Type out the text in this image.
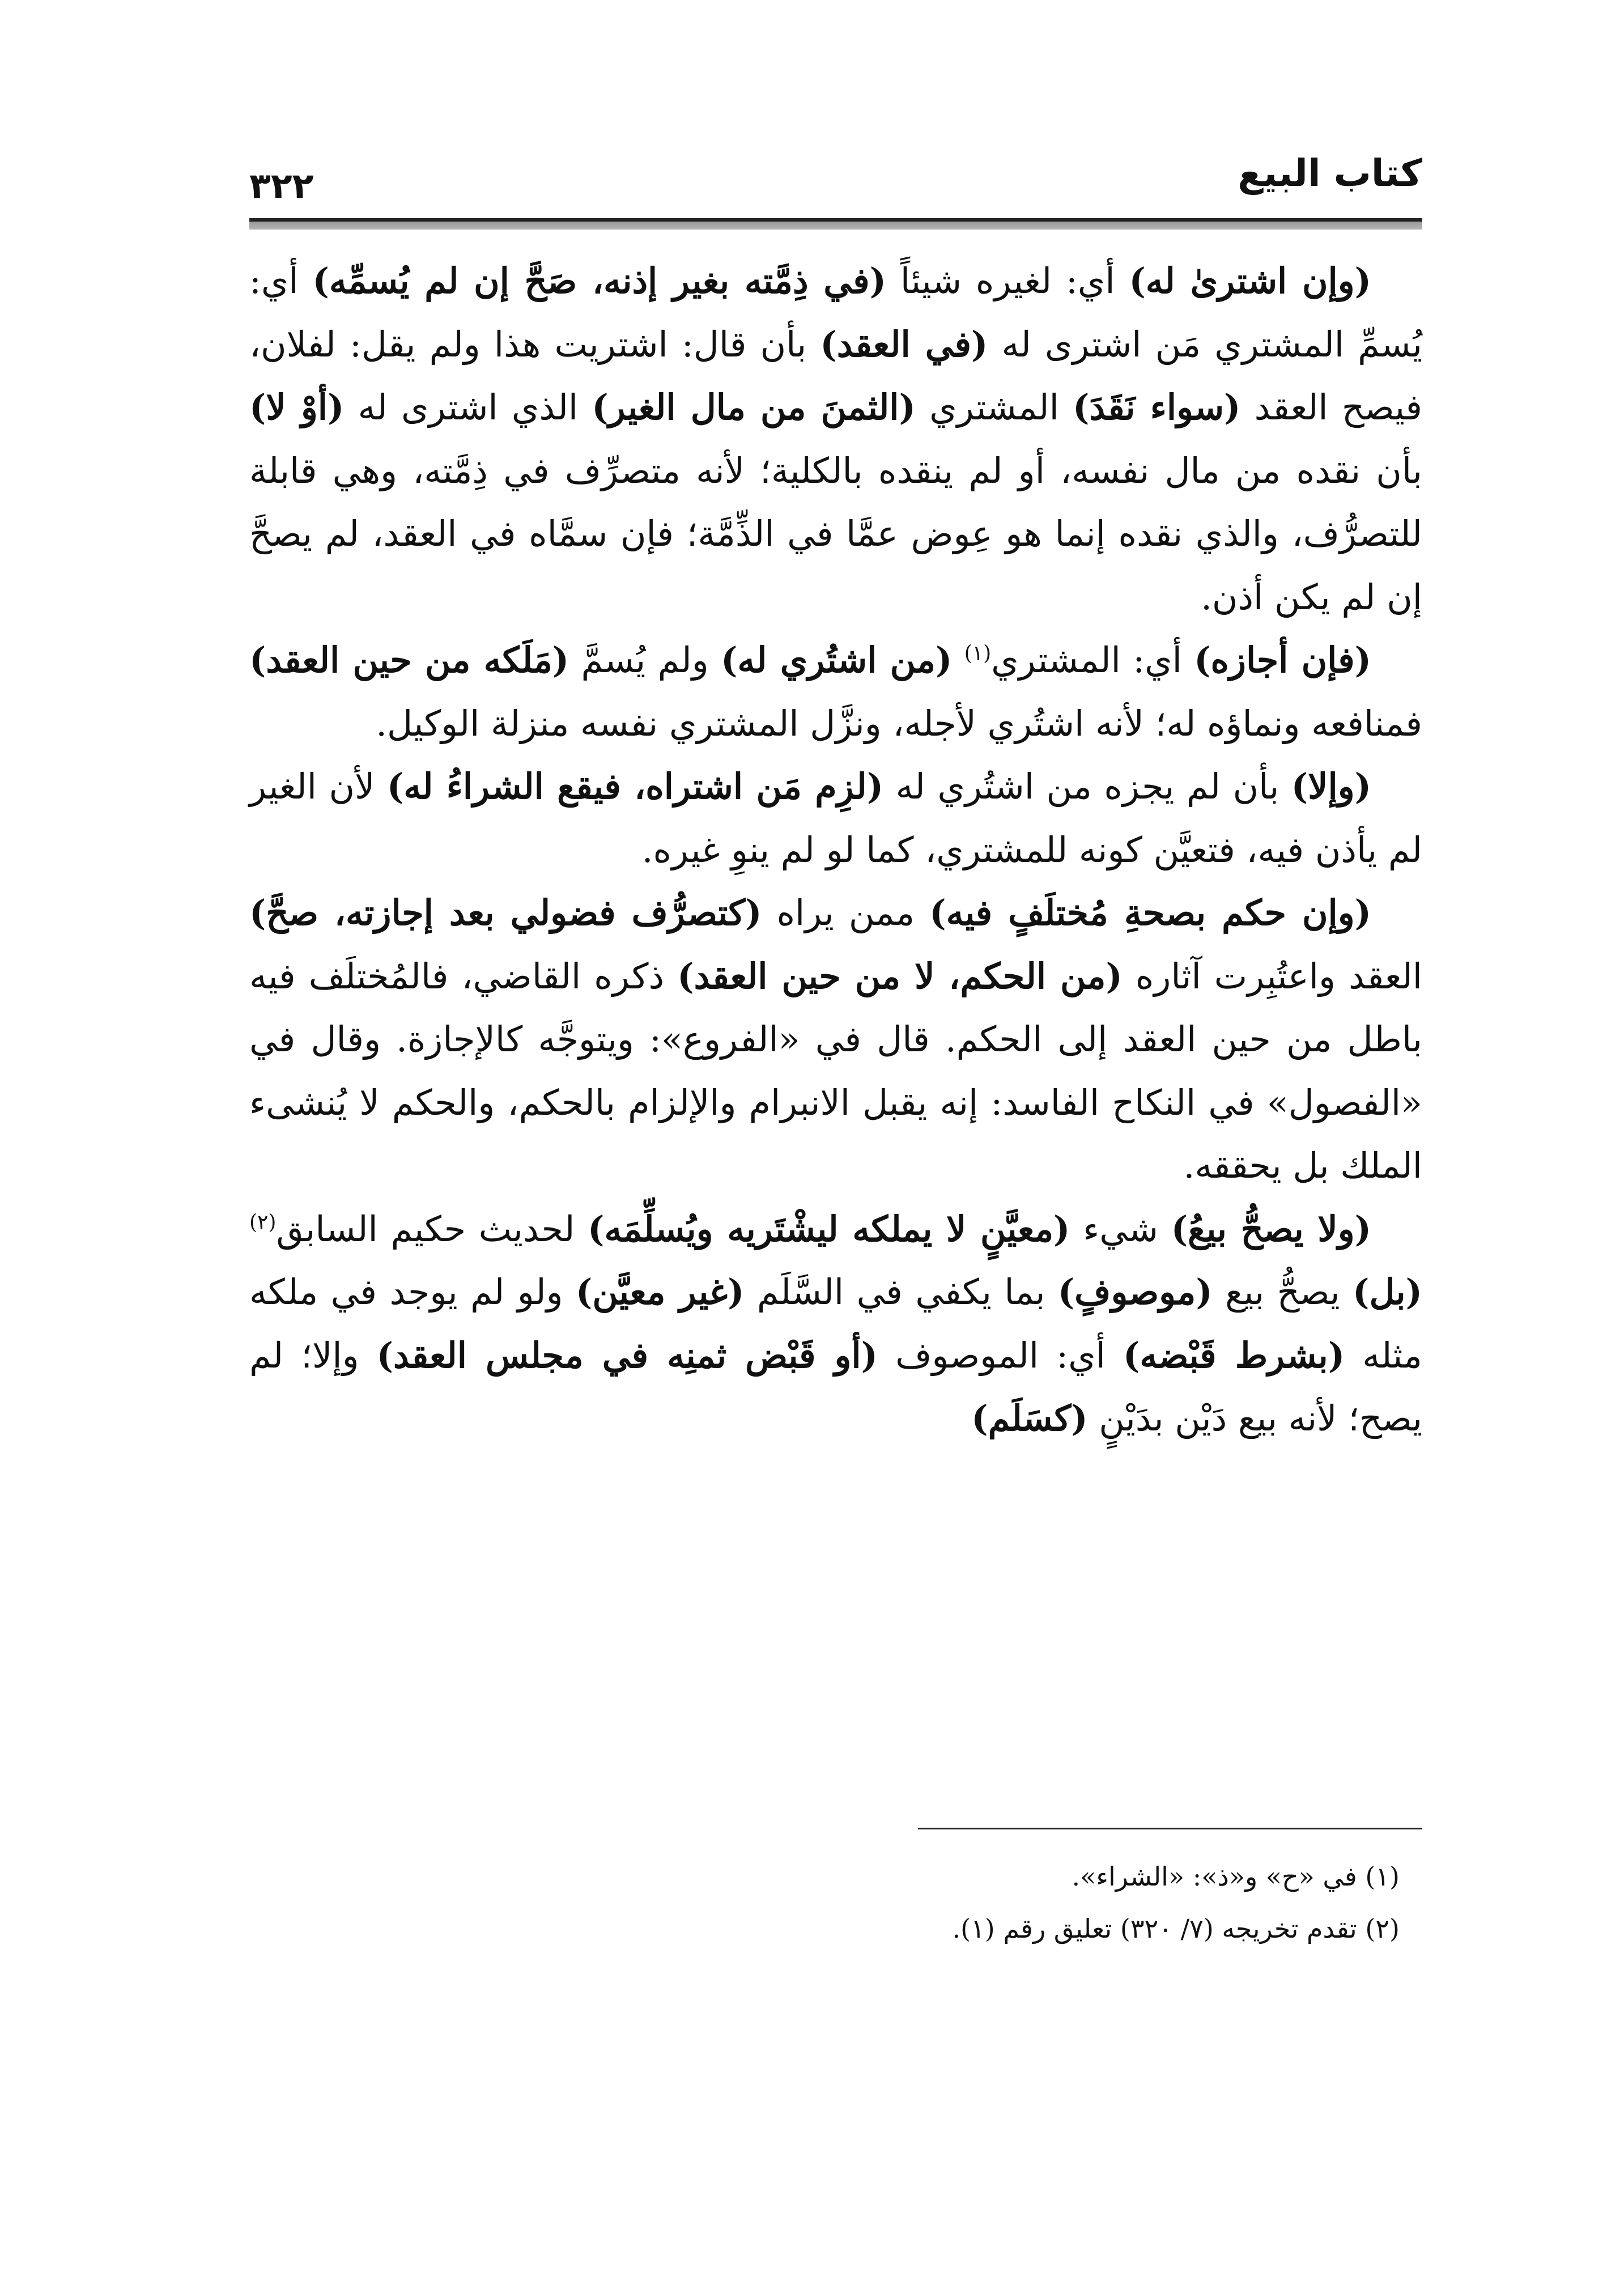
كتاب البيع
٣٢٢

(وإن اشترىٰ له) أي: لغيره شيئاً (في ذِمَّته بغير إذنه، صَحَّ إن لم يُسمِّه) أي: يُسمِّ المشتري مَن اشترى له (في العقد) بأن قال: اشتريت هذا ولم يقل: لفلان، فيصح العقد (سواء نَقَدَ) المشتري (الثمنَ من مال الغير) الذي اشترى له (أوْ لا) بأن نقده من مال نفسه، أو لم ينقده بالكلية؛ لأنه متصرِّف في ذِمَّته، وهي قابلة للتصرُّف، والذي نقده إنما هو عِوض عمَّا في الذِّمَّة؛ فإن سمَّاه في العقد، لم يصحَّ إن لم يكن أذن.

(فإن أجازه) أي: المشتري$^{(١)}$ (من اشتُري له) ولم يُسمَّ (مَلَكه من حين العقد) فمنافعه ونماؤه له؛ لأنه اشتُري لأجله، ونزَّل المشتري نفسه منزلة الوكيل.

(وإلا) بأن لم يجزه من اشتُري له (لزِم مَن اشتراه، فيقع الشراءُ له) لأن الغير لم يأذن فيه، فتعيَّن كونه للمشتري، كما لو لم ينوِ غيره.

(وإن حكم بصحةِ مُختلَفٍ فيه) ممن يراه (كتصرُّف فضولي بعد إجازته، صحَّ) العقد واعتُبِرت آثاره (من الحكم، لا من حين العقد) ذكره القاضي، فالمُختلَف فيه باطل من حين العقد إلى الحكم. قال في «الفروع»: ويتوجَّه كالإجازة. وقال في «الفصول» في النكاح الفاسد: إنه يقبل الانبرام والإلزام بالحكم، والحكم لا يُنشىء الملك بل يحققه.

(ولا يصحُّ بيعُ) شيء (معيَّنٍ لا يملكه ليشْتَريه ويُسلِّمَه) لحديث حكيم السابق$^{(٢)}$ (بل) يصحُّ بيع (موصوفٍ) بما يكفي في السَّلَم (غير معيَّن) ولو لم يوجد في ملكه مثله (بشرط قَبْضه) أي: الموصوف (أو قَبْض ثمنِه في مجلس العقد) وإلا؛ لم يصح؛ لأنه بيع دَيْن بدَيْنٍ (كسَلَم)

(١) في «ح» و«ذ»: «الشراء».

(٢) تقدم تخريجه (٧/ ٣٢٠) تعليق رقم (١).
